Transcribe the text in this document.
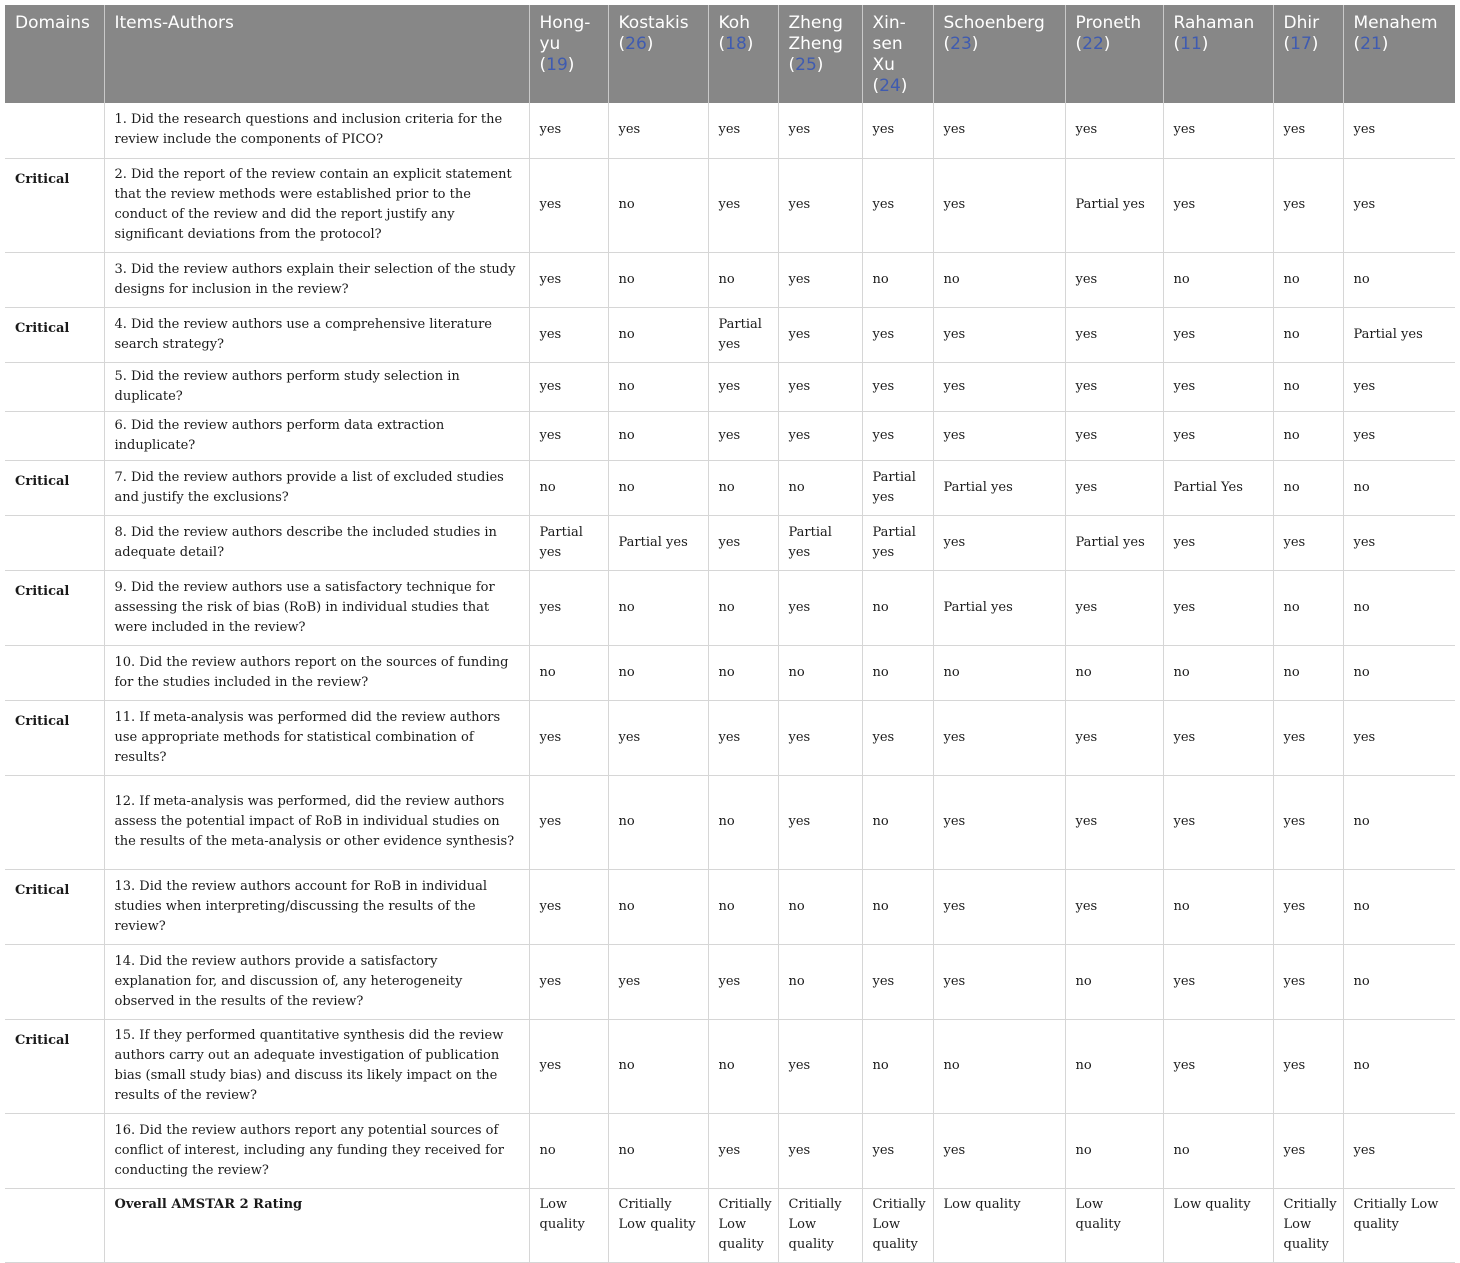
Domains	Items-Authors	Hong-yu (19)	Kostakis (26)	Koh (18)	Zheng Zheng (25)	Xin-sen Xu (24)	Schoenberg (23)	Proneth (22)	Rahaman (11)	Dhir (17)	Menahem (21)
	1. Did the research questions and inclusion criteria for the review include the components of PICO?	yes	yes	yes	yes	yes	yes	yes	yes	yes	yes
Critical	2. Did the report of the review contain an explicit statement that the review methods were established prior to the conduct of the review and did the report justify any significant deviations from the protocol?	yes	no	yes	yes	yes	yes	Partial yes	yes	yes	yes
	3. Did the review authors explain their selection of the study designs for inclusion in the review?	yes	no	no	yes	no	no	yes	no	no	no
Critical	4. Did the review authors use a comprehensive literature search strategy?	yes	no	Partial yes	yes	yes	yes	yes	yes	no	Partial yes
	5. Did the review authors perform study selection in duplicate?	yes	no	yes	yes	yes	yes	yes	yes	no	yes
	6. Did the review authors perform data extraction induplicate?	yes	no	yes	yes	yes	yes	yes	yes	no	yes
Critical	7. Did the review authors provide a list of excluded studies and justify the exclusions?	no	no	no	no	Partial yes	Partial yes	yes	Partial Yes	no	no
	8. Did the review authors describe the included studies in adequate detail?	Partial yes	Partial yes	yes	Partial yes	Partial yes	yes	Partial yes	yes	yes	yes
Critical	9. Did the review authors use a satisfactory technique for assessing the risk of bias (RoB) in individual studies that were included in the review?	yes	no	no	yes	no	Partial yes	yes	yes	no	no
	10. Did the review authors report on the sources of funding for the studies included in the review?	no	no	no	no	no	no	no	no	no	no
Critical	11. If meta-analysis was performed did the review authors use appropriate methods for statistical combination of results?	yes	yes	yes	yes	yes	yes	yes	yes	yes	yes
	12. If meta-analysis was performed, did the review authors assess the potential impact of RoB in individual studies on the results of the meta-analysis or other evidence synthesis?	yes	no	no	yes	no	yes	yes	yes	yes	no
Critical	13. Did the review authors account for RoB in individual studies when interpreting/discussing the results of the review?	yes	no	no	no	no	yes	yes	no	yes	no
	14. Did the review authors provide a satisfactory explanation for, and discussion of, any heterogeneity observed in the results of the review?	yes	yes	yes	no	yes	yes	no	yes	yes	no
Critical	15. If they performed quantitative synthesis did the review authors carry out an adequate investigation of publication bias (small study bias) and discuss its likely impact on the results of the review?	yes	no	no	yes	no	no	no	yes	yes	no
	16. Did the review authors report any potential sources of conflict of interest, including any funding they received for conducting the review?	no	no	yes	yes	yes	yes	no	no	yes	yes
	Overall AMSTAR 2 Rating	Low quality	Critially Low quality	Critially Low quality	Critially Low quality	Critially Low quality	Low quality	Low quality	Low quality	Critially Low quality	Critially Low quality
